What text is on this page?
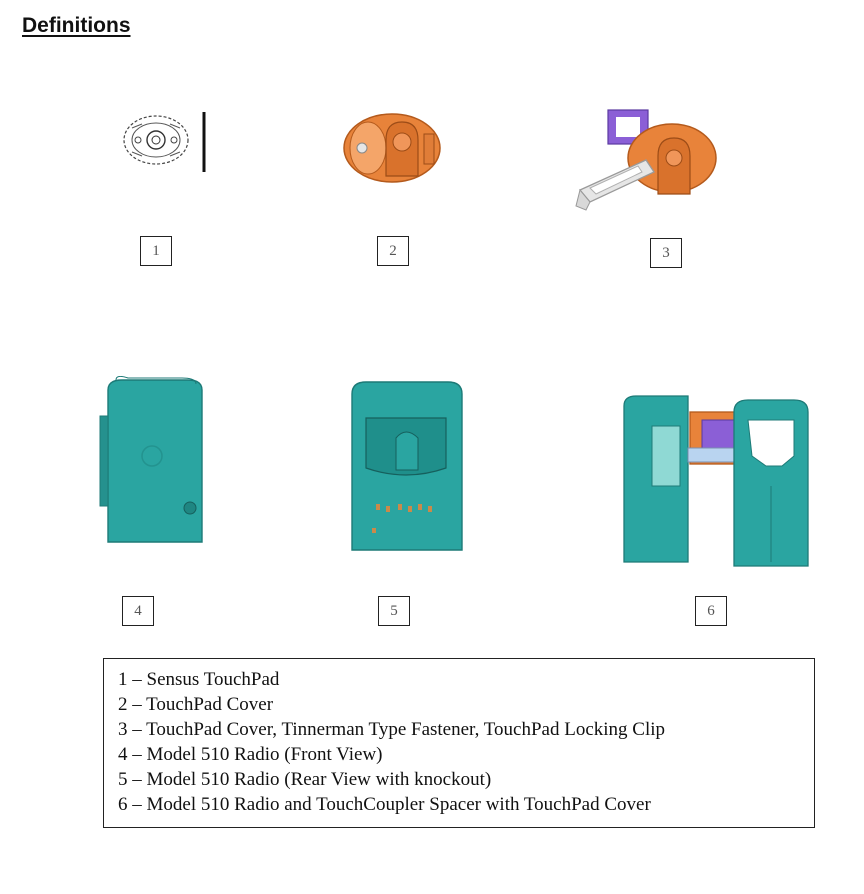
Definitions
1	2	3
4	5	6
1 – Sensus TouchPad
2 – TouchPad Cover
3 – TouchPad Cover, Tinnerman Type Fastener, TouchPad Locking Clip
4 – Model 510 Radio (Front View)
5 – Model 510 Radio (Rear View with knockout)
6 – Model 510 Radio and TouchCoupler Spacer with TouchPad Cover
